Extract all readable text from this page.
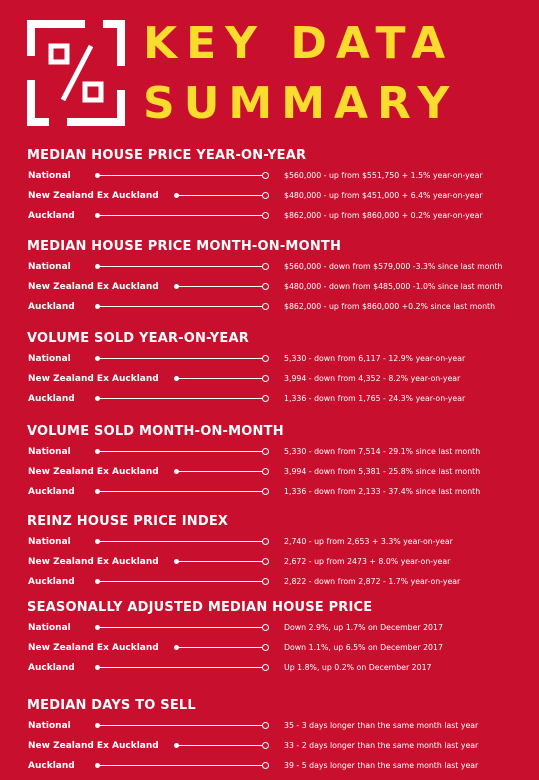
KEY DATA
SUMMARY
MEDIAN HOUSE PRICE YEAR-ON-YEAR
National	$560,000 - up from $551,750 + 1.5% year-on-year
New Zealand Ex Auckland	$480,000 - up from $451,000 + 6.4% year-on-year
Auckland	$862,000 - up from $860,000 + 0.2% year-on-year
MEDIAN HOUSE PRICE MONTH-ON-MONTH
National	$560,000 - down from $579,000 -3.3% since last month
New Zealand Ex Auckland	$480,000 - down from $485,000 -1.0% since last month
Auckland	$862,000 - up from $860,000 +0.2% since last month
VOLUME SOLD YEAR-ON-YEAR
National	5,330 - down from 6,117 - 12.9% year-on-year
New Zealand Ex Auckland	3,994 - down from 4,352 - 8.2% year-on-year
Auckland	1,336 - down from 1,765 - 24.3% year-on-year
VOLUME SOLD MONTH-ON-MONTH
National	5,330 - down from 7,514 - 29.1% since last month
New Zealand Ex Auckland	3,994 - down from 5,381 - 25.8% since last month
Auckland	1,336 - down from 2,133 - 37.4% since last month
REINZ HOUSE PRICE INDEX
National	2,740 - up from 2,653 + 3.3% year-on-year
New Zealand Ex Auckland	2,672 - up from 2473 + 8.0% year-on-year
Auckland	2,822 - down from 2,872 - 1.7% year-on-year
SEASONALLY ADJUSTED MEDIAN HOUSE PRICE
National	Down 2.9%, up 1.7% on December 2017
New Zealand Ex Auckland	Down 1.1%, up 6.5% on December 2017
Auckland	Up 1.8%, up 0.2% on December 2017
MEDIAN DAYS TO SELL
National	35 - 3 days longer than the same month last year
New Zealand Ex Auckland	33 - 2 days longer than the same month last year
Auckland	39 - 5 days longer than the same month last year
